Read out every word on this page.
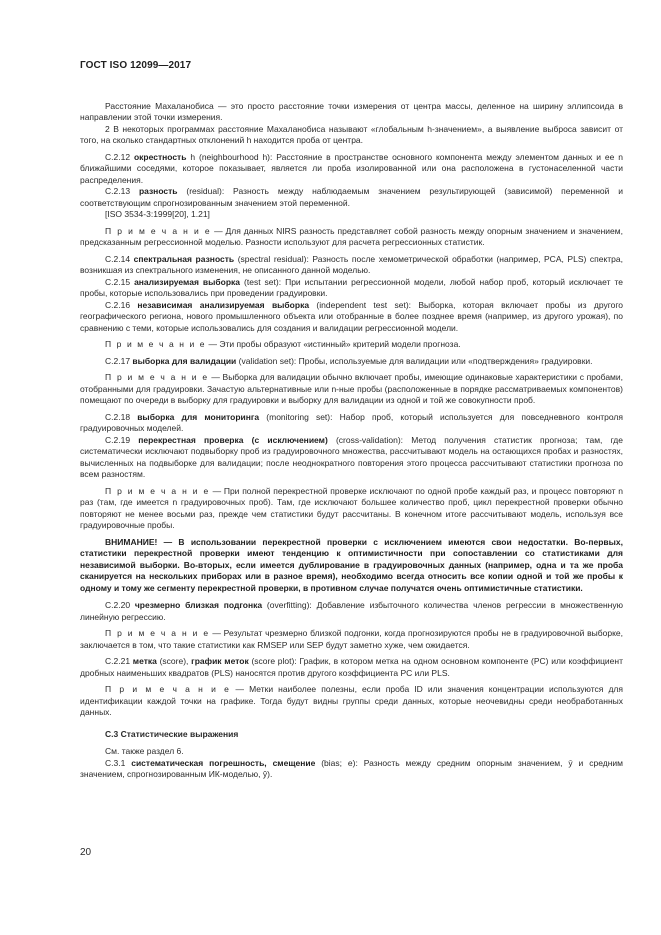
ГОСТ ISO 12099—2017

Расстояние Махаланобиса — это просто расстояние точки измерения от центра массы, деленное на ширину эллипсоида в направлении этой точки измерения.

2 В некоторых программах расстояние Махаланобиса называют «глобальным h-значением», а выявление выброса зависит от того, на сколько стандартных отклонений h находится проба от центра.

С.2.12 окрестность h (neighbourhood h): Расстояние в пространстве основного компонента между элементом данных и ее n ближайшими соседями, которое показывает, является ли проба изолированной или она расположена в густонаселенной части распределения.

С.2.13 разность (residual): Разность между наблюдаемым значением результирующей (зависимой) переменной и соответствующим спрогнозированным значением этой переменной.

[ISO 3534-3:1999[20], 1.21]

П р и м е ч а н и е — Для данных NIRS разность представляет собой разность между опорным значением и значением, предсказанным регрессионной моделью. Разности используют для расчета регрессионных статистик.

С.2.14 спектральная разность (spectral residual): Разность после хемометрической обработки (например, PCA, PLS) спектра, возникшая из спектрального изменения, не описанного данной моделью.

С.2.15 анализируемая выборка (test set): При испытании регрессионной модели, любой набор проб, который исключает те пробы, которые использовались при проведении градуировки.

С.2.16 независимая анализируемая выборка (independent test set): Выборка, которая включает пробы из другого географического региона, нового промышленного объекта или отобранные в более позднее время (например, из другого урожая), по сравнению с теми, которые использовались для создания и валидации регрессионной модели.

П р и м е ч а н и е — Эти пробы образуют «истинный» критерий модели прогноза.

С.2.17 выборка для валидации (validation set): Пробы, используемые для валидации или «подтверждения» градуировки.

П р и м е ч а н и е — Выборка для валидации обычно включает пробы, имеющие одинаковые характеристики с пробами, отобранными для градуировки. Зачастую альтернативные или n-ные пробы (расположенные в порядке рассматриваемых компонентов) помещают по очереди в выборку для градуировки и выборку для валидации из одной и той же совокупности проб.

С.2.18 выборка для мониторинга (monitoring set): Набор проб, который используется для повседневного контроля градуировочных моделей.

С.2.19 перекрестная проверка (с исключением) (cross-validation): Метод получения статистик прогноза; там, где систематически исключают подвыборку проб из градуировочного множества, рассчитывают модель на остающихся пробах и разностях, вычисленных на подвыборке для валидации; после неоднократного повторения этого процесса рассчитывают статистики прогноза по всем разностям.

П р и м е ч а н и е — При полной перекрестной проверке исключают по одной пробе каждый раз, и процесс повторяют n раз (там, где имеется n градуировочных проб). Там, где исключают большее количество проб, цикл перекрестной проверки обычно повторяют не менее восьми раз, прежде чем статистики будут рассчитаны. В конечном итоге рассчитывают модель, используя все градуировочные пробы.

ВНИМАНИЕ! — В использовании перекрестной проверки с исключением имеются свои недостатки. Во-первых, статистики перекрестной проверки имеют тенденцию к оптимистичности при сопоставлении со статистиками для независимой выборки. Во-вторых, если имеется дублирование в градуировочных данных (например, одна и та же проба сканируется на нескольких приборах или в разное время), необходимо всегда относить все копии одной и той же пробы к одному и тому же сегменту перекрестной проверки, в противном случае получатся очень оптимистичные статистики.

С.2.20 чрезмерно близкая подгонка (overfitting): Добавление избыточного количества членов регрессии в множественную линейную регрессию.

П р и м е ч а н и е — Результат чрезмерно близкой подгонки, когда прогнозируются пробы не в градуировочной выборке, заключается в том, что такие статистики как RMSEP или SEP будут заметно хуже, чем ожидается.

С.2.21 метка (score), график меток (score plot): График, в котором метка на одном основном компоненте (PC) или коэффициент дробных наименьших квадратов (PLS) наносятся против другого коэффициента PC или PLS.

П р и м е ч а н и е — Метки наиболее полезны, если проба ID или значения концентрации используются для идентификации каждой точки на графике. Тогда будут видны группы среди данных, которые неочевидны среди необработанных данных.

С.3 Статистические выражения

См. также раздел 6.

С.3.1 систематическая погрешность, смещение (bias; e): Разность между средним опорным значением, ȳ и средним значением, спрогнозированным ИК-моделью, ŷ).

20
